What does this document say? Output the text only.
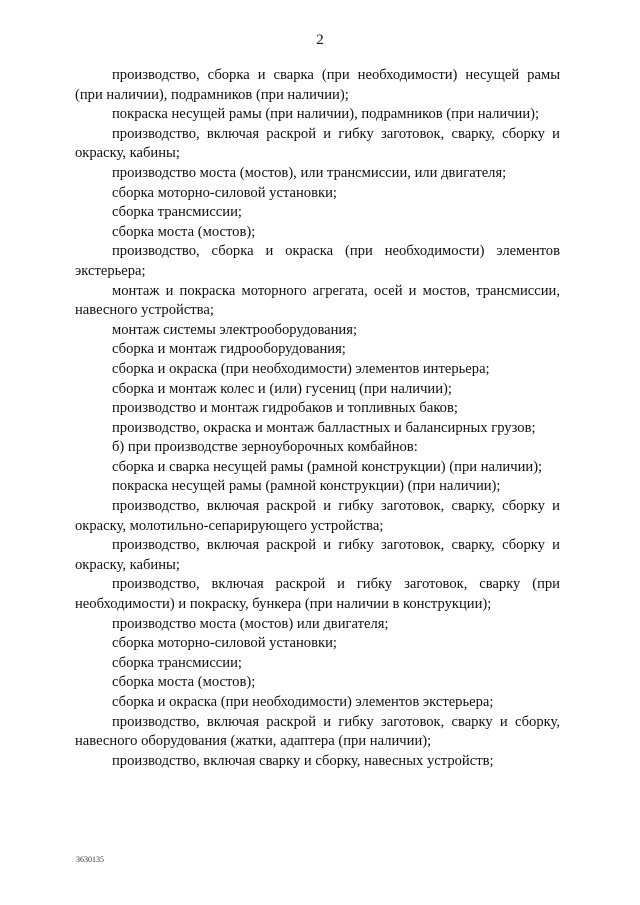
2

производство, сборка и сварка (при необходимости) несущей рамы (при наличии), подрамников (при наличии);

покраска несущей рамы (при наличии), подрамников (при наличии);

производство, включая раскрой и гибку заготовок, сварку, сборку и окраску, кабины;

производство моста (мостов), или трансмиссии, или двигателя;

сборка моторно-силовой установки;

сборка трансмиссии;

сборка моста (мостов);

производство, сборка и окраска (при необходимости) элементов экстерьера;

монтаж и покраска моторного агрегата, осей и мостов, трансмиссии, навесного устройства;

монтаж системы электрооборудования;

сборка и монтаж гидрооборудования;

сборка и окраска (при необходимости) элементов интерьера;

сборка и монтаж колес и (или) гусениц (при наличии);

производство и монтаж гидробаков и топливных баков;

производство, окраска и монтаж балластных и балансирных грузов;

б) при производстве зерноуборочных комбайнов:

сборка и сварка несущей рамы (рамной конструкции) (при наличии);

покраска несущей рамы (рамной конструкции) (при наличии);

производство, включая раскрой и гибку заготовок, сварку, сборку и окраску, молотильно-сепарирующего устройства;

производство, включая раскрой и гибку заготовок, сварку, сборку и окраску, кабины;

производство, включая раскрой и гибку заготовок, сварку (при необходимости) и покраску, бункера (при наличии в конструкции);

производство моста (мостов) или двигателя;

сборка моторно-силовой установки;

сборка трансмиссии;

сборка моста (мостов);

сборка и окраска (при необходимости) элементов экстерьера;

производство, включая раскрой и гибку заготовок, сварку и сборку, навесного оборудования (жатки, адаптера (при наличии);

производство, включая сварку и сборку, навесных устройств;

3630135
